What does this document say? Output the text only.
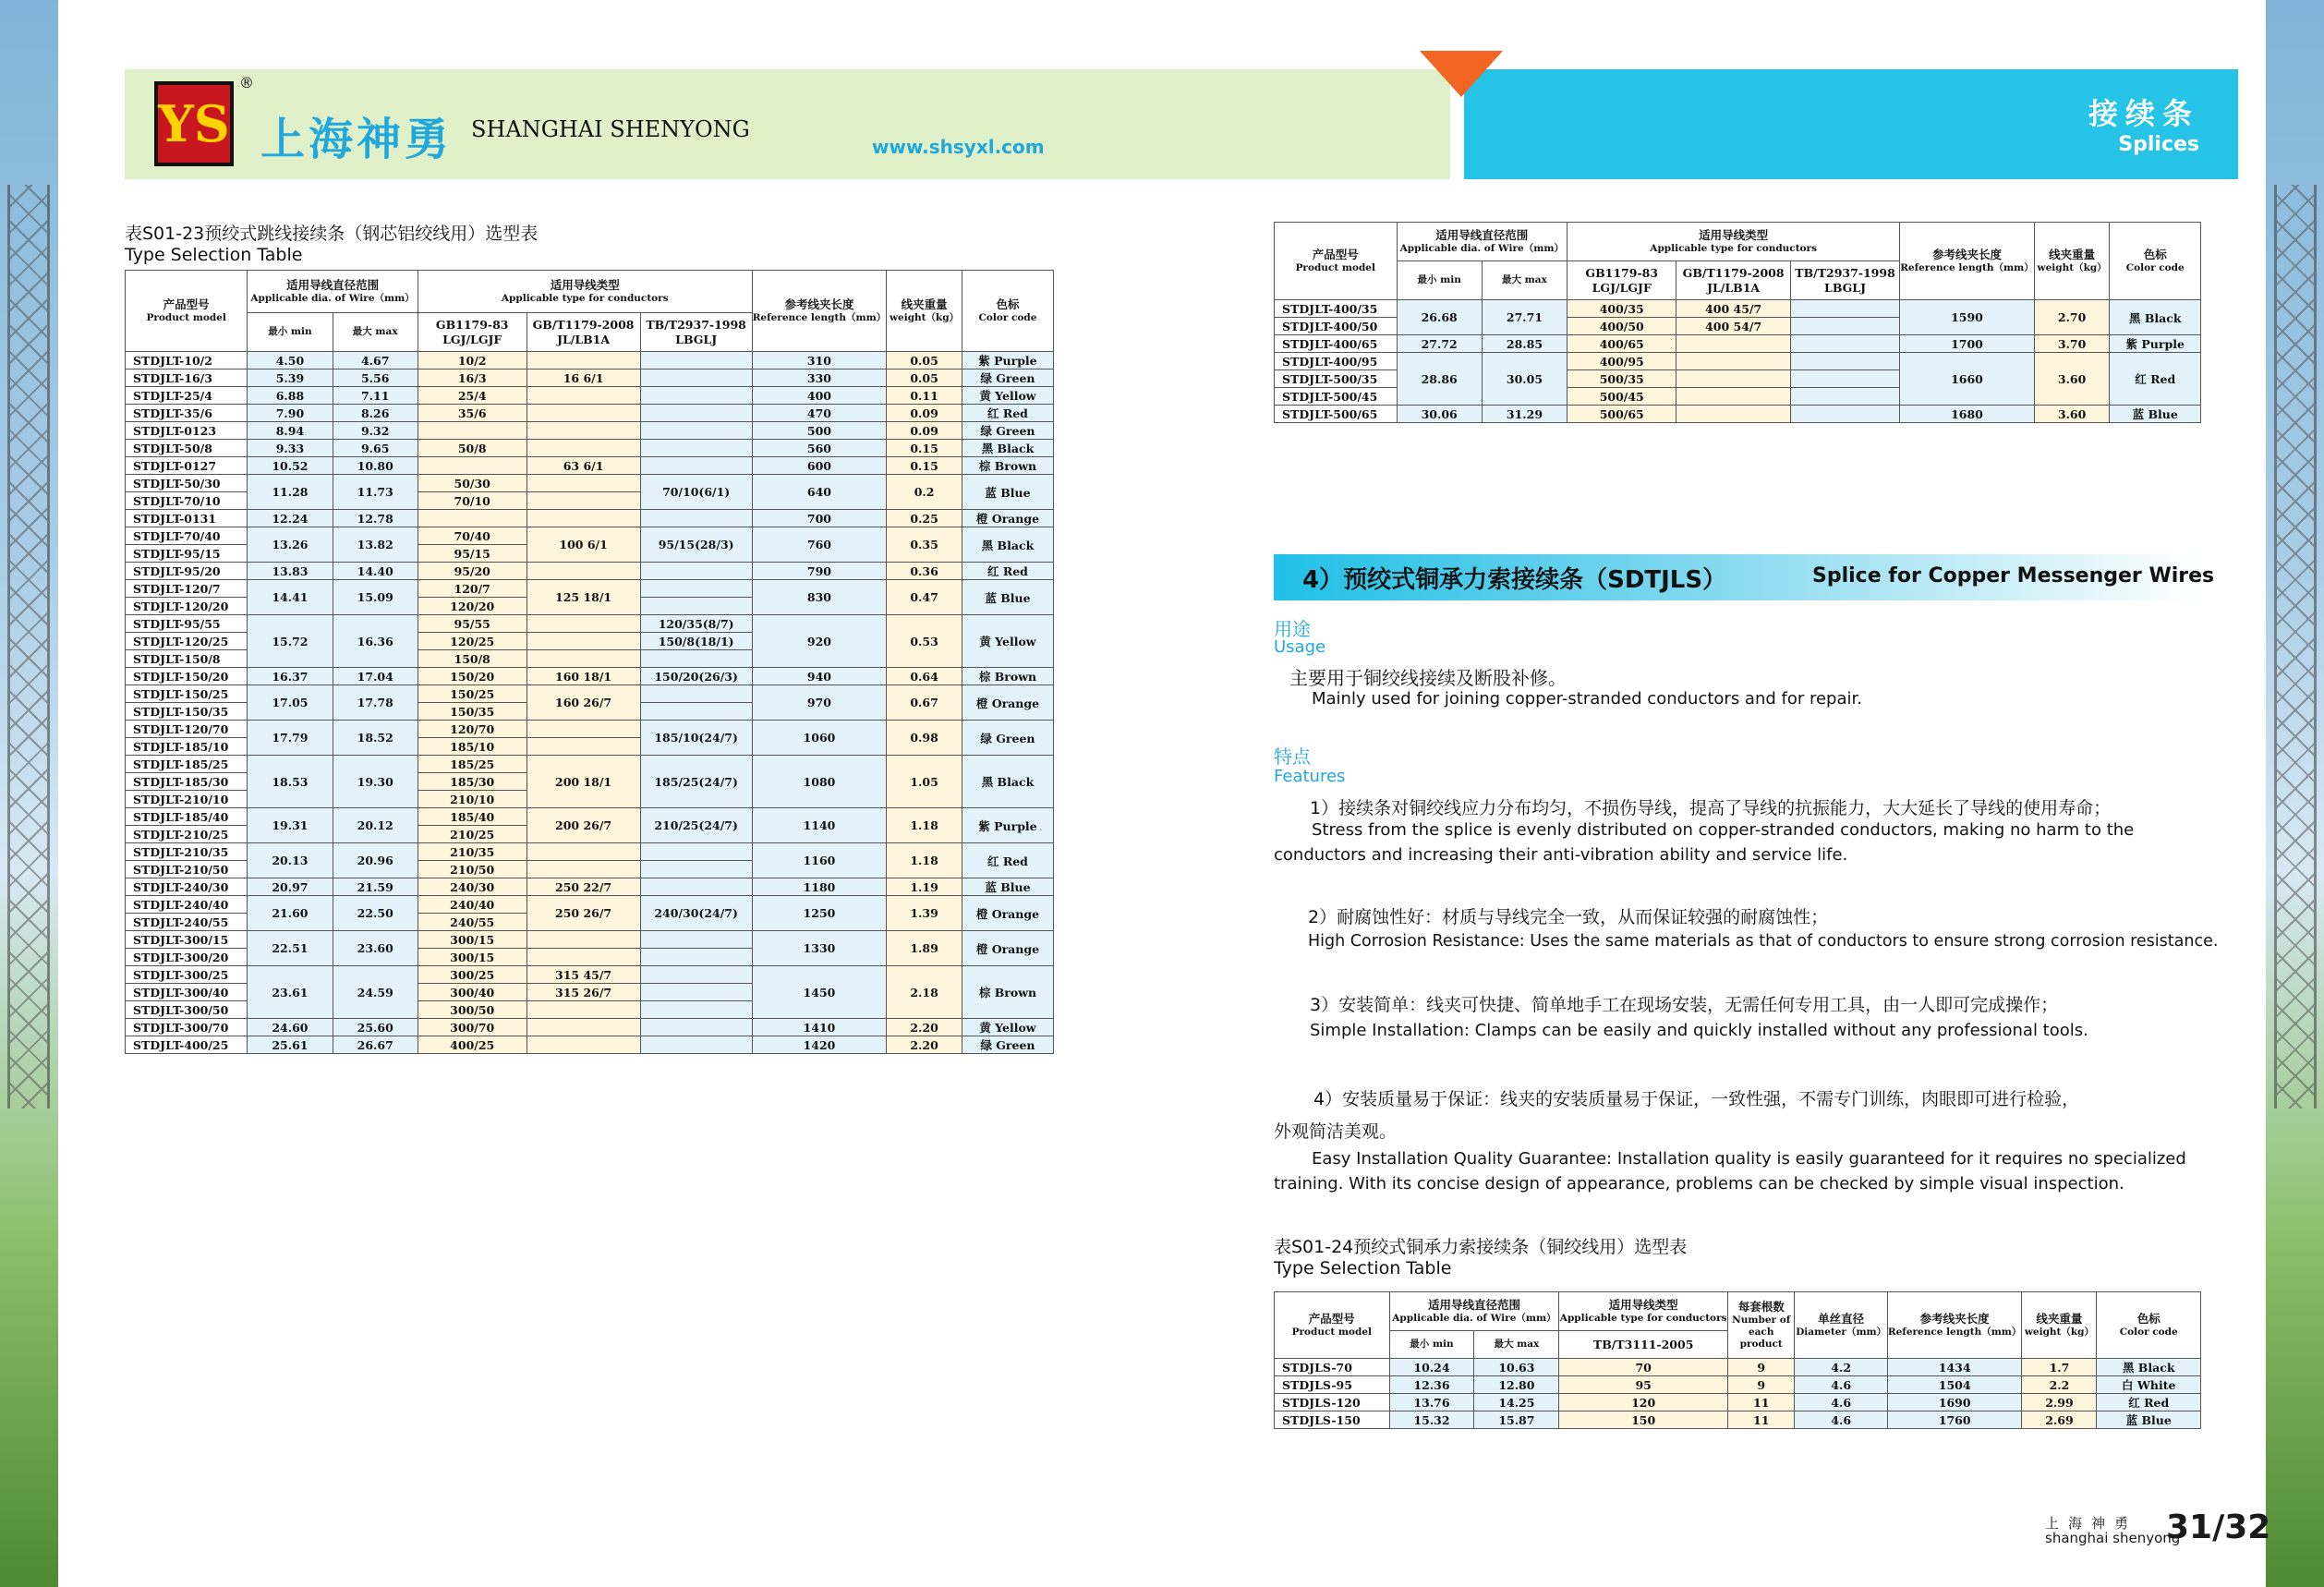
YS
®
上海神勇 SHANGHAI SHENYONG
www.shsyxl.com
接续条
Splices
表S01-23预绞式跳线接续条（钢芯铝绞线用）选型表
Type Selection Table
产品型号
Product model	适用导线直径范围
Applicable dia. of Wire（mm）		适用导线类型
Applicable type for conductors			参考线夹长度
Reference length（mm）	线夹重量
weight（kg）	色标
Color code

	最小 min	最大 max	GB1179-83 LGJ/LGJF	GB/T1179-2008 JL/LB1A	TB/T2937-1998 LBGLJ			
STDJLT-10/2	4.50	4.67	10/2			310	0.05	紫 Purple
STDJLT-16/3	5.39	5.56	16/3	16 6/1		330	0.05	绿 Green
STDJLT-25/4	6.88	7.11	25/4			400	0.11	黄 Yellow
STDJLT-35/6	7.90	8.26	35/6			470	0.09	红 Red
STDJLT-0123	8.94	9.32				500	0.09	绿 Green
STDJLT-50/8	9.33	9.65	50/8			560	0.15	黑 Black
STDJLT-0127	10.52	10.80		63 6/1		600	0.15	棕 Brown
STDJLT-50/30	11.28	11.73	50/30		70/10(6/1)	640	0.2	蓝 Blue
STDJLT-70/10			70/10					
STDJLT-0131	12.24	12.78				700	0.25	橙 Orange
STDJLT-70/40	13.26	13.82	70/40	100 6/1	95/15(28/3)	760	0.35	黑 Black
STDJLT-95/15			95/15					
STDJLT-95/20	13.83	14.40	95/20			790	0.36	红 Red
STDJLT-120/7	14.41	15.09	120/7	125 18/1		830	0.47	蓝 Blue
STDJLT-120/20			120/20					
STDJLT-95/55	15.72	16.36	95/55		120/35(8/7)	920	0.53	黄 Yellow
STDJLT-120/25			120/25		150/8(18/1)			
STDJLT-150/8			150/8					
STDJLT-150/20	16.37	17.04	150/20	160 18/1	150/20(26/3)	940	0.64	棕 Brown
STDJLT-150/25	17.05	17.78	150/25	160 26/7		970	0.67	橙 Orange
STDJLT-150/35			150/35					
STDJLT-120/70	17.79	18.52	120/70		185/10(24/7)	1060	0.98	绿 Green
STDJLT-185/10			185/10					
STDJLT-185/25	18.53	19.30	185/25	200 18/1	185/25(24/7)	1080	1.05	黑 Black
STDJLT-185/30			185/30					
STDJLT-210/10			210/10					
STDJLT-185/40	19.31	20.12	185/40	200 26/7	210/25(24/7)	1140	1.18	紫 Purple
STDJLT-210/25			210/25					
STDJLT-210/35	20.13	20.96	210/35			1160	1.18	红 Red
STDJLT-210/50			210/50					
STDJLT-240/30	20.97	21.59	240/30	250 22/7		1180	1.19	蓝 Blue
STDJLT-240/40	21.60	22.50	240/40	250 26/7	240/30(24/7)	1250	1.39	橙 Orange
STDJLT-240/55			240/55					
STDJLT-300/15	22.51	23.60	300/15			1330	1.89	橙 Orange
STDJLT-300/20			300/15					
STDJLT-300/25	23.61	24.59	300/25	315 45/7		1450	2.18	棕 Brown
STDJLT-300/40			300/40	315 26/7				
STDJLT-300/50			300/50					
STDJLT-300/70	24.60	25.60	300/70			1410	2.20	黄 Yellow
STDJLT-400/25	25.61	26.67	400/25			1420	2.20	绿 Green
产品型号
Product model	适用导线直径范围
Applicable dia. of Wire（mm）		适用导线类型
Applicable type for conductors			参考线夹长度
Reference length（mm）	线夹重量
weight（kg）	色标
Color code

	最小 min	最大 max	GB1179-83 LGJ/LGJF	GB/T1179-2008 JL/LB1A	TB/T2937-1998 LBGLJ			
STDJLT-400/35	26.68	27.71	400/35	400 45/7		1590	2.70	黑 Black
STDJLT-400/50			400/50	400 54/7				
STDJLT-400/65	27.72	28.85	400/65			1700	3.70	紫 Purple
STDJLT-400/95	28.86	30.05	400/95			1660	3.60	红 Red
STDJLT-500/35			500/35					
STDJLT-500/45			500/45					
STDJLT-500/65	30.06	31.29	500/65			1680	3.60	蓝 Blue
4）预绞式铜承力索接续条（SDTJLS）	Splice for Copper Messenger Wires
用途
Usage
主要用于铜绞线接续及断股补修。
Mainly used for joining copper-stranded conductors and for repair.
特点
Features
1）接续条对铜绞线应力分布均匀，不损伤导线，提高了导线的抗振能力，大大延长了导线的使用寿命；
Stress from the splice is evenly distributed on copper-stranded conductors, making no harm to the
conductors and increasing their anti-vibration ability and service life.
2）耐腐蚀性好：材质与导线完全一致，从而保证较强的耐腐蚀性；
High Corrosion Resistance: Uses the same materials as that of conductors to ensure strong corrosion resistance.
3）安装简单：线夹可快捷、简单地手工在现场安装，无需任何专用工具，由一人即可完成操作；
Simple Installation: Clamps can be easily and quickly installed without any professional tools.
4）安装质量易于保证：线夹的安装质量易于保证，一致性强，不需专门训练，肉眼即可进行检验，
外观简洁美观。
Easy Installation Quality Guarantee: Installation quality is easily guaranteed for it requires no specialized
training. With its concise design of appearance, problems can be checked by simple visual inspection.
表S01-24预绞式铜承力索接续条（铜绞线用）选型表
Type Selection Table
产品型号
Product model	适用导线直径范围
Applicable dia. of Wire（mm）		适用导线类型
Applicable type for conductors	每套根数
Number of each product	单丝直径
Diameter（mm）	参考线夹长度
Reference length（mm）	线夹重量
weight（kg）	色标
Color code

	最小 min	最大 max	TB/T3111-2005					
STDJLS-70	10.24	10.63	70	9	4.2	1434	1.7	黑 Black
STDJLS-95	12.36	12.80	95	9	4.6	1504	2.2	白 White
STDJLS-120	13.76	14.25	120	11	4.6	1690	2.99	红 Red
STDJLS-150	15.32	15.87	150	11	4.6	1760	2.69	蓝 Blue
上海神勇
shanghai shenyong
31/32
